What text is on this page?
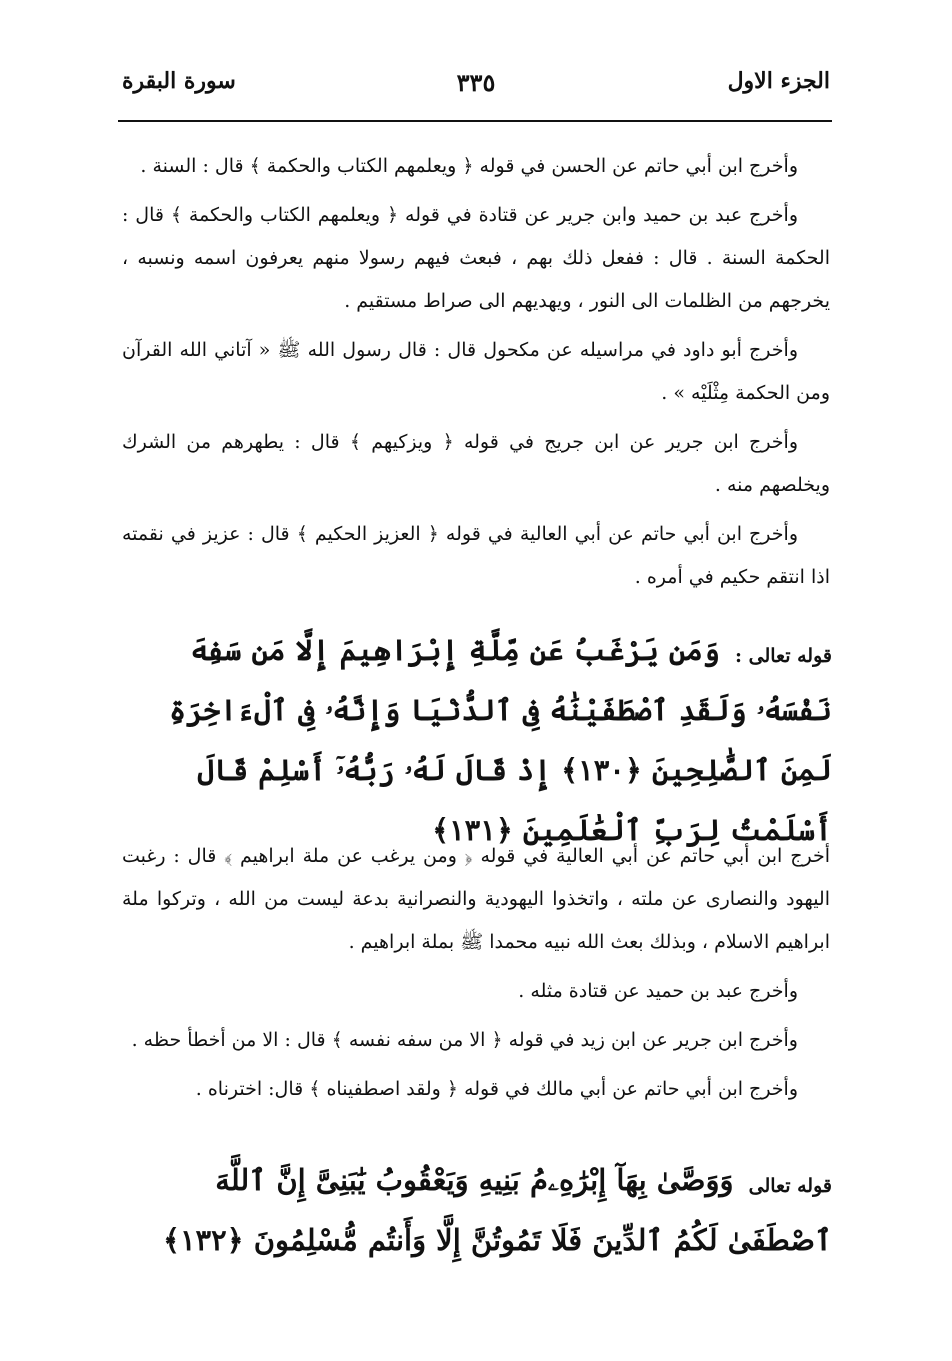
الجزء الاول
٣٣٥
سورة البقرة

وأخرج ابن أبي حاتم عن الحسن في قوله ﴿ ويعلمهم الكتاب والحكمة ﴾ قال : السنة .

وأخرج عبد بن حميد وابن جرير عن قتادة في قوله ﴿ ويعلمهم الكتاب والحكمة ﴾ قال : الحكمة السنة . قال : ففعل ذلك بهم ، فبعث فيهم رسولا منهم يعرفون اسمه ونسبه ، يخرجهم من الظلمات الى النور ، ويهديهم الى صراط مستقيم .

وأخرج أبو داود في مراسيله عن مكحول قال : قال رسول الله ﷺ « آتاني الله القرآن ومن الحكمة مِثْلَيْه » .

وأخرج ابن جرير عن ابن جريج في قوله ﴿ ويزكيهم ﴾ قال : يطهرهم من الشرك ويخلصهم منه .

وأخرج ابن أبي حاتم عن أبي العالية في قوله ﴿ العزيز الحكيم ﴾ قال : عزيز في نقمته اذا انتقم حكيم في أمره .

قوله تعالى : وَمَن يَرْغَبُ عَن مِّلَّةِ إِبْرَاهِيمَ إِلَّا مَن سَفِهَ نَفْسَهُۥ وَلَقَدِ ٱصْطَفَيْنَٰهُ فِى ٱلدُّنْيَا وَإِنَّهُۥ فِى ٱلْءَاخِرَةِ لَمِنَ ٱلصَّٰلِحِينَ ﴿١٣٠﴾ إِذْ قَالَ لَهُۥ رَبُّهُۥٓ أَسْلِمْ قَالَ أَسْلَمْتُ لِرَبِّ ٱلْعَٰلَمِينَ ﴿١٣١﴾

أخرج ابن أبي حاتم عن أبي العالية في قوله ﴿ ومن يرغب عن ملة ابراهيم ﴾ قال : رغبت اليهود والنصارى عن ملته ، واتخذوا اليهودية والنصرانية بدعة ليست من الله ، وتركوا ملة ابراهيم الاسلام ، وبذلك بعث الله نبيه محمدا ﷺ بملة ابراهيم .

وأخرج عبد بن حميد عن قتادة مثله .

وأخرج ابن جرير عن ابن زيد في قوله ﴿ الا من سفه نفسه ﴾ قال : الا من أخطأ حظه .

وأخرج ابن أبي حاتم عن أبي مالك في قوله ﴿ ولقد اصطفيناه ﴾ قال: اخترناه .

قوله تعالى وَوَصَّىٰ بِهَآ إِبْرَٰهِۦمُ بَنِيهِ وَيَعْقُوبُ يَٰبَنِىَّ إِنَّ ٱللَّهَ ٱصْطَفَىٰ لَكُمُ ٱلدِّينَ فَلَا تَمُوتُنَّ إِلَّا وَأَنتُم مُّسْلِمُونَ ﴿١٣٢﴾
